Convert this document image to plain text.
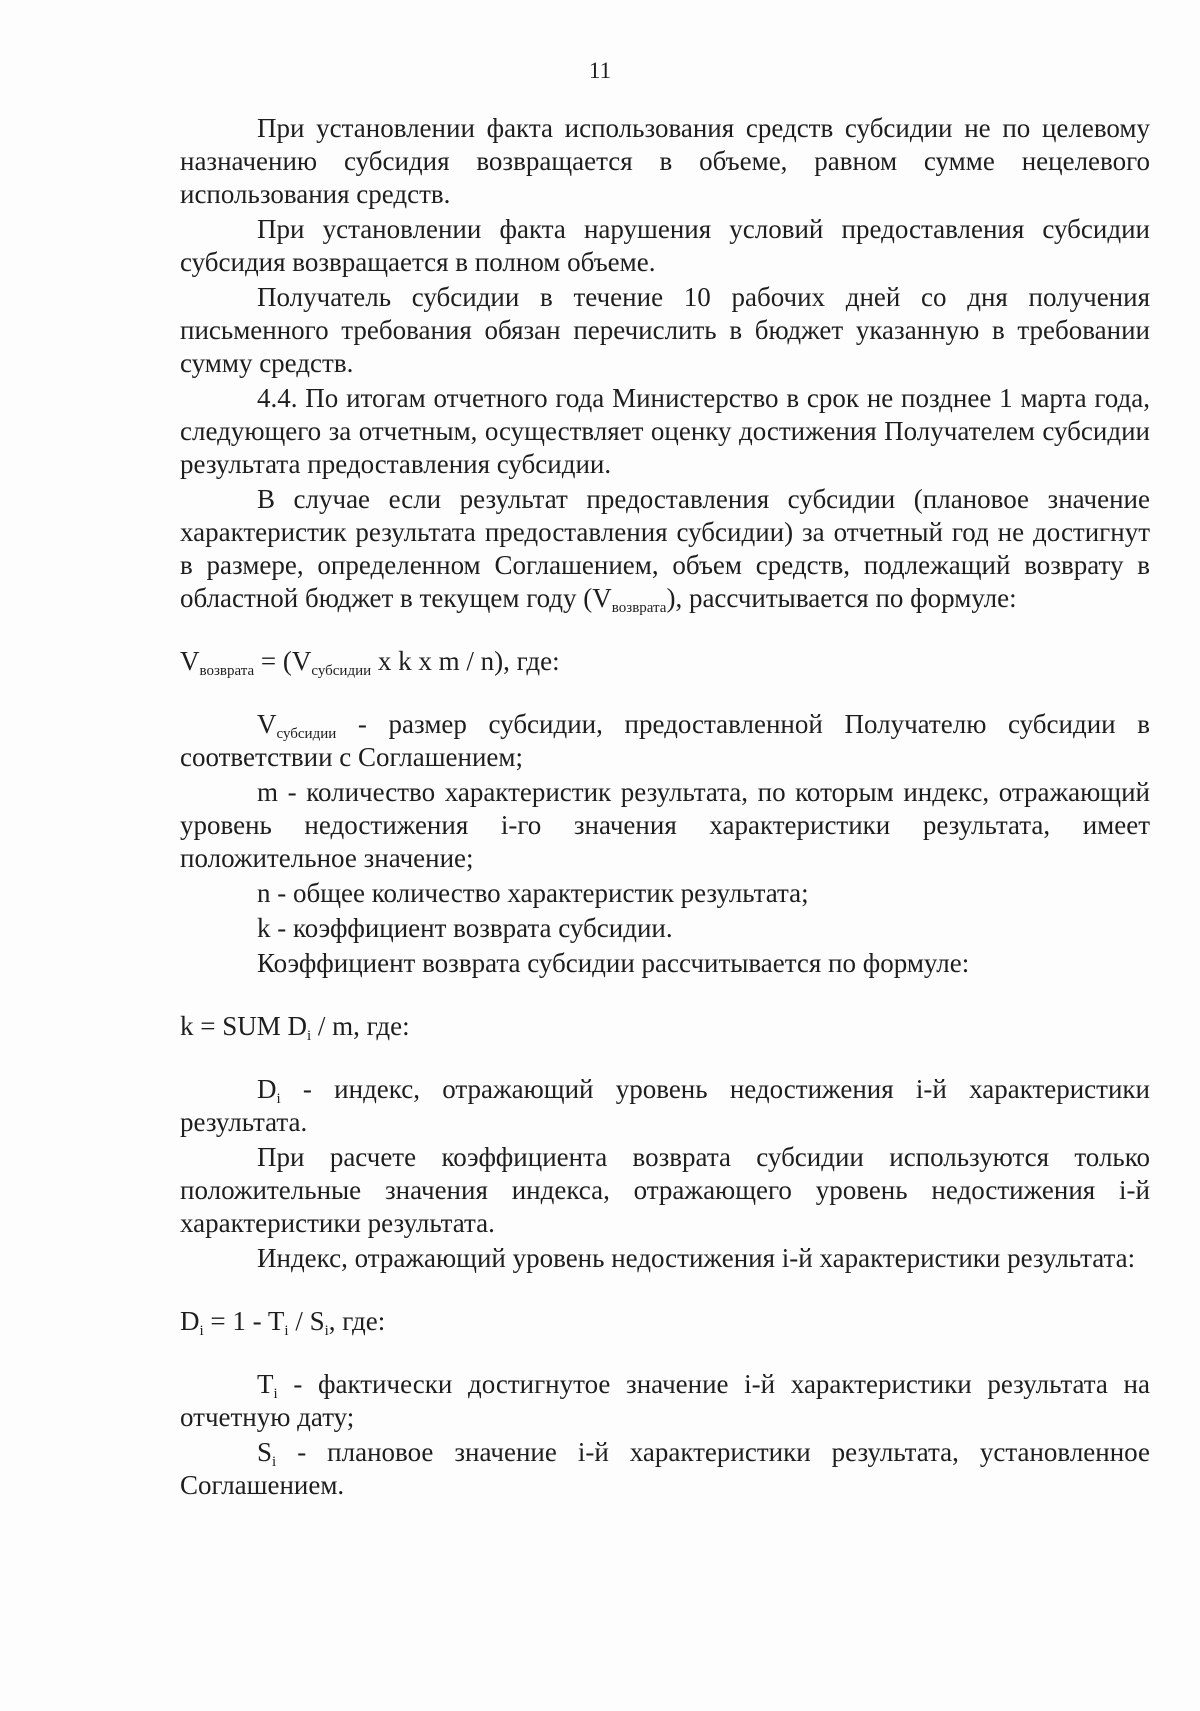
11

При установлении факта использования средств субсидии не по целевому назначению субсидия возвращается в объеме, равном сумме нецелевого использования средств.

При установлении факта нарушения условий предоставления субсидии субсидия возвращается в полном объеме.

Получатель субсидии в течение 10 рабочих дней со дня получения письменного требования обязан перечислить в бюджет указанную в требовании сумму средств.

4.4. По итогам отчетного года Министерство в срок не позднее 1 марта года, следующего за отчетным, осуществляет оценку достижения Получателем субсидии результата предоставления субсидии.

В случае если результат предоставления субсидии (плановое значение характеристик результата предоставления субсидии) за отчетный год не достигнут в размере, определенном Соглашением, объем средств, подлежащий возврату в областной бюджет в текущем году $(V_{возврата})$, рассчитывается по формуле:

$V_{возврата} = (V_{субсидии}$ x k x m / n), где:

$V_{субсидии}$ - размер субсидии, предоставленной Получателю субсидии в соответствии с Соглашением;

m - количество характеристик результата, по которым индекс, отражающий уровень недостижения i-го значения характеристики результата, имеет положительное значение;

n - общее количество характеристик результата;

k - коэффициент возврата субсидии.

Коэффициент возврата субсидии рассчитывается по формуле:

k = SUM $D_i$ / m, где:

$D_i$ - индекс, отражающий уровень недостижения i-й характеристики результата.

При расчете коэффициента возврата субсидии используются только положительные значения индекса, отражающего уровень недостижения i-й характеристики результата.

Индекс, отражающий уровень недостижения i-й характеристики результата:

$D_i = 1 - T_i / S_i$, где:

$T_i$ - фактически достигнутое значение i-й характеристики результата на отчетную дату;

$S_i$ - плановое значение i-й характеристики результата, установленное Соглашением.
